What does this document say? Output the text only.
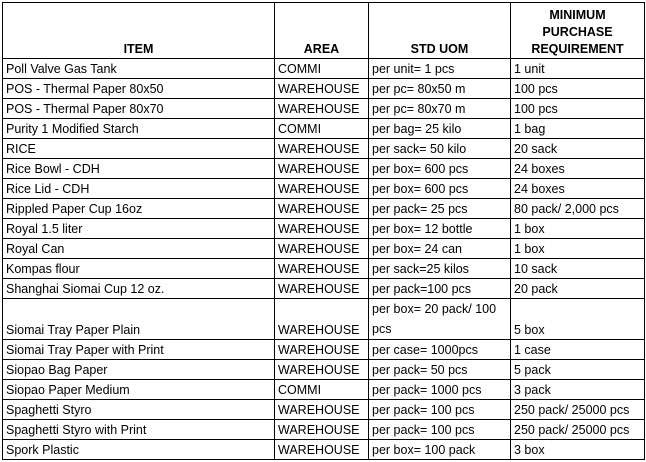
ITEM	AREA	STD UOM	MINIMUM
PURCHASE
REQUIREMENT
Poll Valve Gas Tank	COMMI	per unit= 1 pcs	1 unit
POS - Thermal Paper 80x50	WAREHOUSE	per pc= 80x50 m	100 pcs
POS - Thermal Paper 80x70	WAREHOUSE	per pc= 80x70 m	100 pcs
Purity 1 Modified Starch	COMMI	per bag= 25 kilo	1 bag
RICE	WAREHOUSE	per sack= 50 kilo	20 sack
Rice Bowl - CDH	WAREHOUSE	per box= 600 pcs	24 boxes
Rice Lid - CDH	WAREHOUSE	per box= 600 pcs	24 boxes
Rippled Paper Cup 16oz	WAREHOUSE	per pack= 25 pcs	80 pack/ 2,000 pcs
Royal 1.5 liter	WAREHOUSE	per box= 12 bottle	1 box
Royal Can	WAREHOUSE	per box= 24 can	1 box
Kompas flour	WAREHOUSE	per sack=25 kilos	10 sack
Shanghai Siomai Cup 12 oz.	WAREHOUSE	per pack=100 pcs	20 pack
Siomai Tray Paper Plain	WAREHOUSE	per box= 20 pack/ 100 pcs	5 box
Siomai Tray Paper with Print	WAREHOUSE	per case= 1000pcs	1 case
Siopao Bag Paper	WAREHOUSE	per pack= 50 pcs	5 pack
Siopao Paper Medium	COMMI	per pack= 1000 pcs	3 pack
Spaghetti Styro	WAREHOUSE	per pack= 100 pcs	250 pack/ 25000 pcs
Spaghetti Styro with Print	WAREHOUSE	per pack= 100 pcs	250 pack/ 25000 pcs
Spork Plastic	WAREHOUSE	per box= 100 pack	3 box
